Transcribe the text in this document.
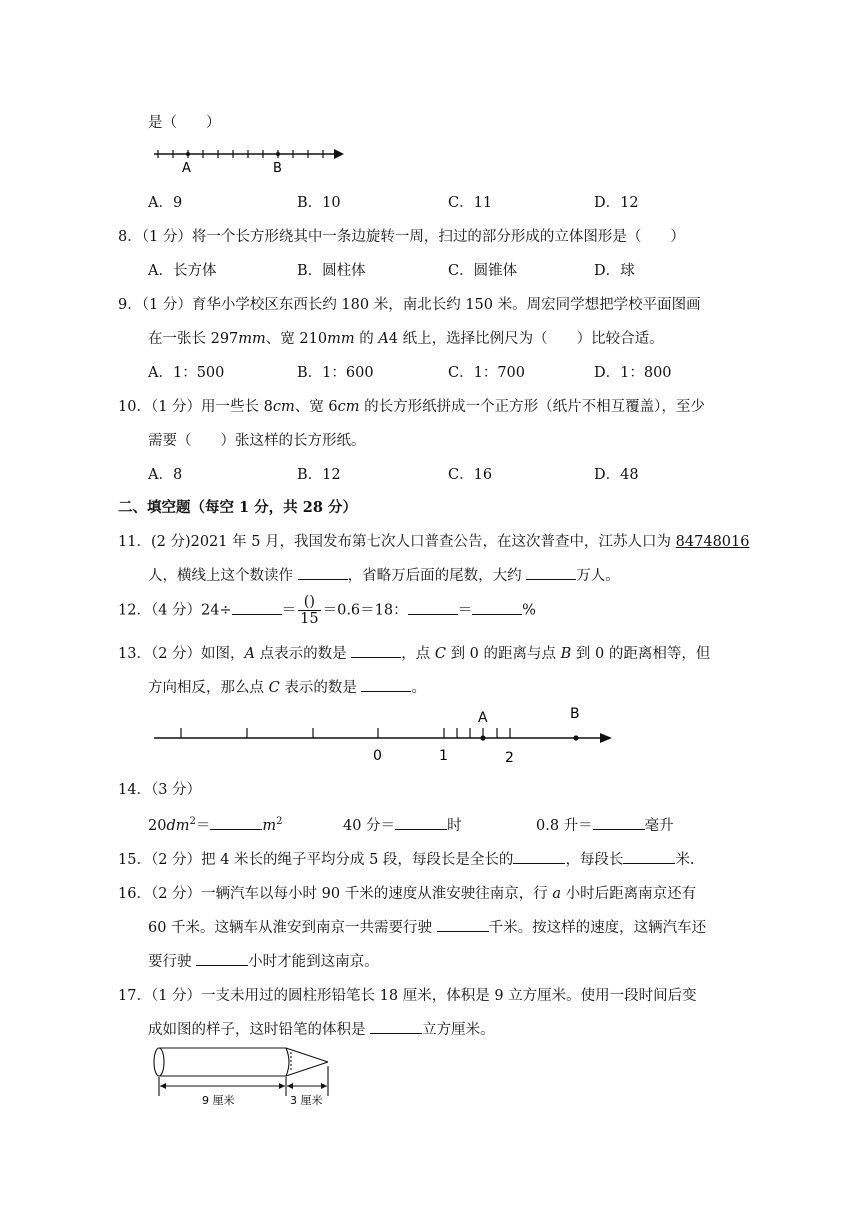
是（　　）
A	B
A．9	B．10	C．11	D．12
8．（1 分）将一个长方形绕其中一条边旋转一周，扫过的部分形成的立体图形是（　　）
A．长方体	B．圆柱体	C．圆锥体	D．球
9．（1 分）育华小学校区东西长约 180 米，南北长约 150 米。周宏同学想把学校平面图画
在一张长 297mm、宽 210mm 的 A4 纸上，选择比例尺为（　　）比较合适。
A．1：500	B．1：600	C．1：700	D．1：800
10．（1 分）用一些长 8cm、宽 6cm 的长方形纸拼成一个正方形（纸片不相互覆盖），至少
需要（　　）张这样的长方形纸。
A．8	B．12	C．16	D．48
二、填空题（每空 1 分，共 28 分）
11．(2 分)2021 年 5 月，我国发布第七次人口普查公告，在这次普查中，江苏人口为 84748016
人，横线上这个数读作	，省略万后面的尾数，大约	万人。
12．（4 分）24÷	＝ $\frac{()}{15} =0.6=18$：	＝	%
13．（2 分）如图，A 点表示的数是	，点 C 到 0 的距离与点 B 到 0 的距离相等，但
方向相反，那么点 C 表示的数是	。
A	B
0	1	2
14．（3 分）
$20dm^2=$	$m^2$	40 分＝	时	0.8 升＝	毫升
15．（2 分）把 4 米长的绳子平均分成 5 段，每段长是全长的	，每段长	米.
16．（2 分）一辆汽车以每小时 90 千米的速度从淮安驶往南京，行 a 小时后距离南京还有
60 千米。这辆车从淮安到南京一共需要行驶	千米。按这样的速度，这辆汽车还
要行驶	小时才能到这南京。
17．（1 分）一支未用过的圆柱形铅笔长 18 厘米，体积是 9 立方厘米。使用一段时间后变
成如图的样子，这时铅笔的体积是	立方厘米。
9 厘米	3 厘米
